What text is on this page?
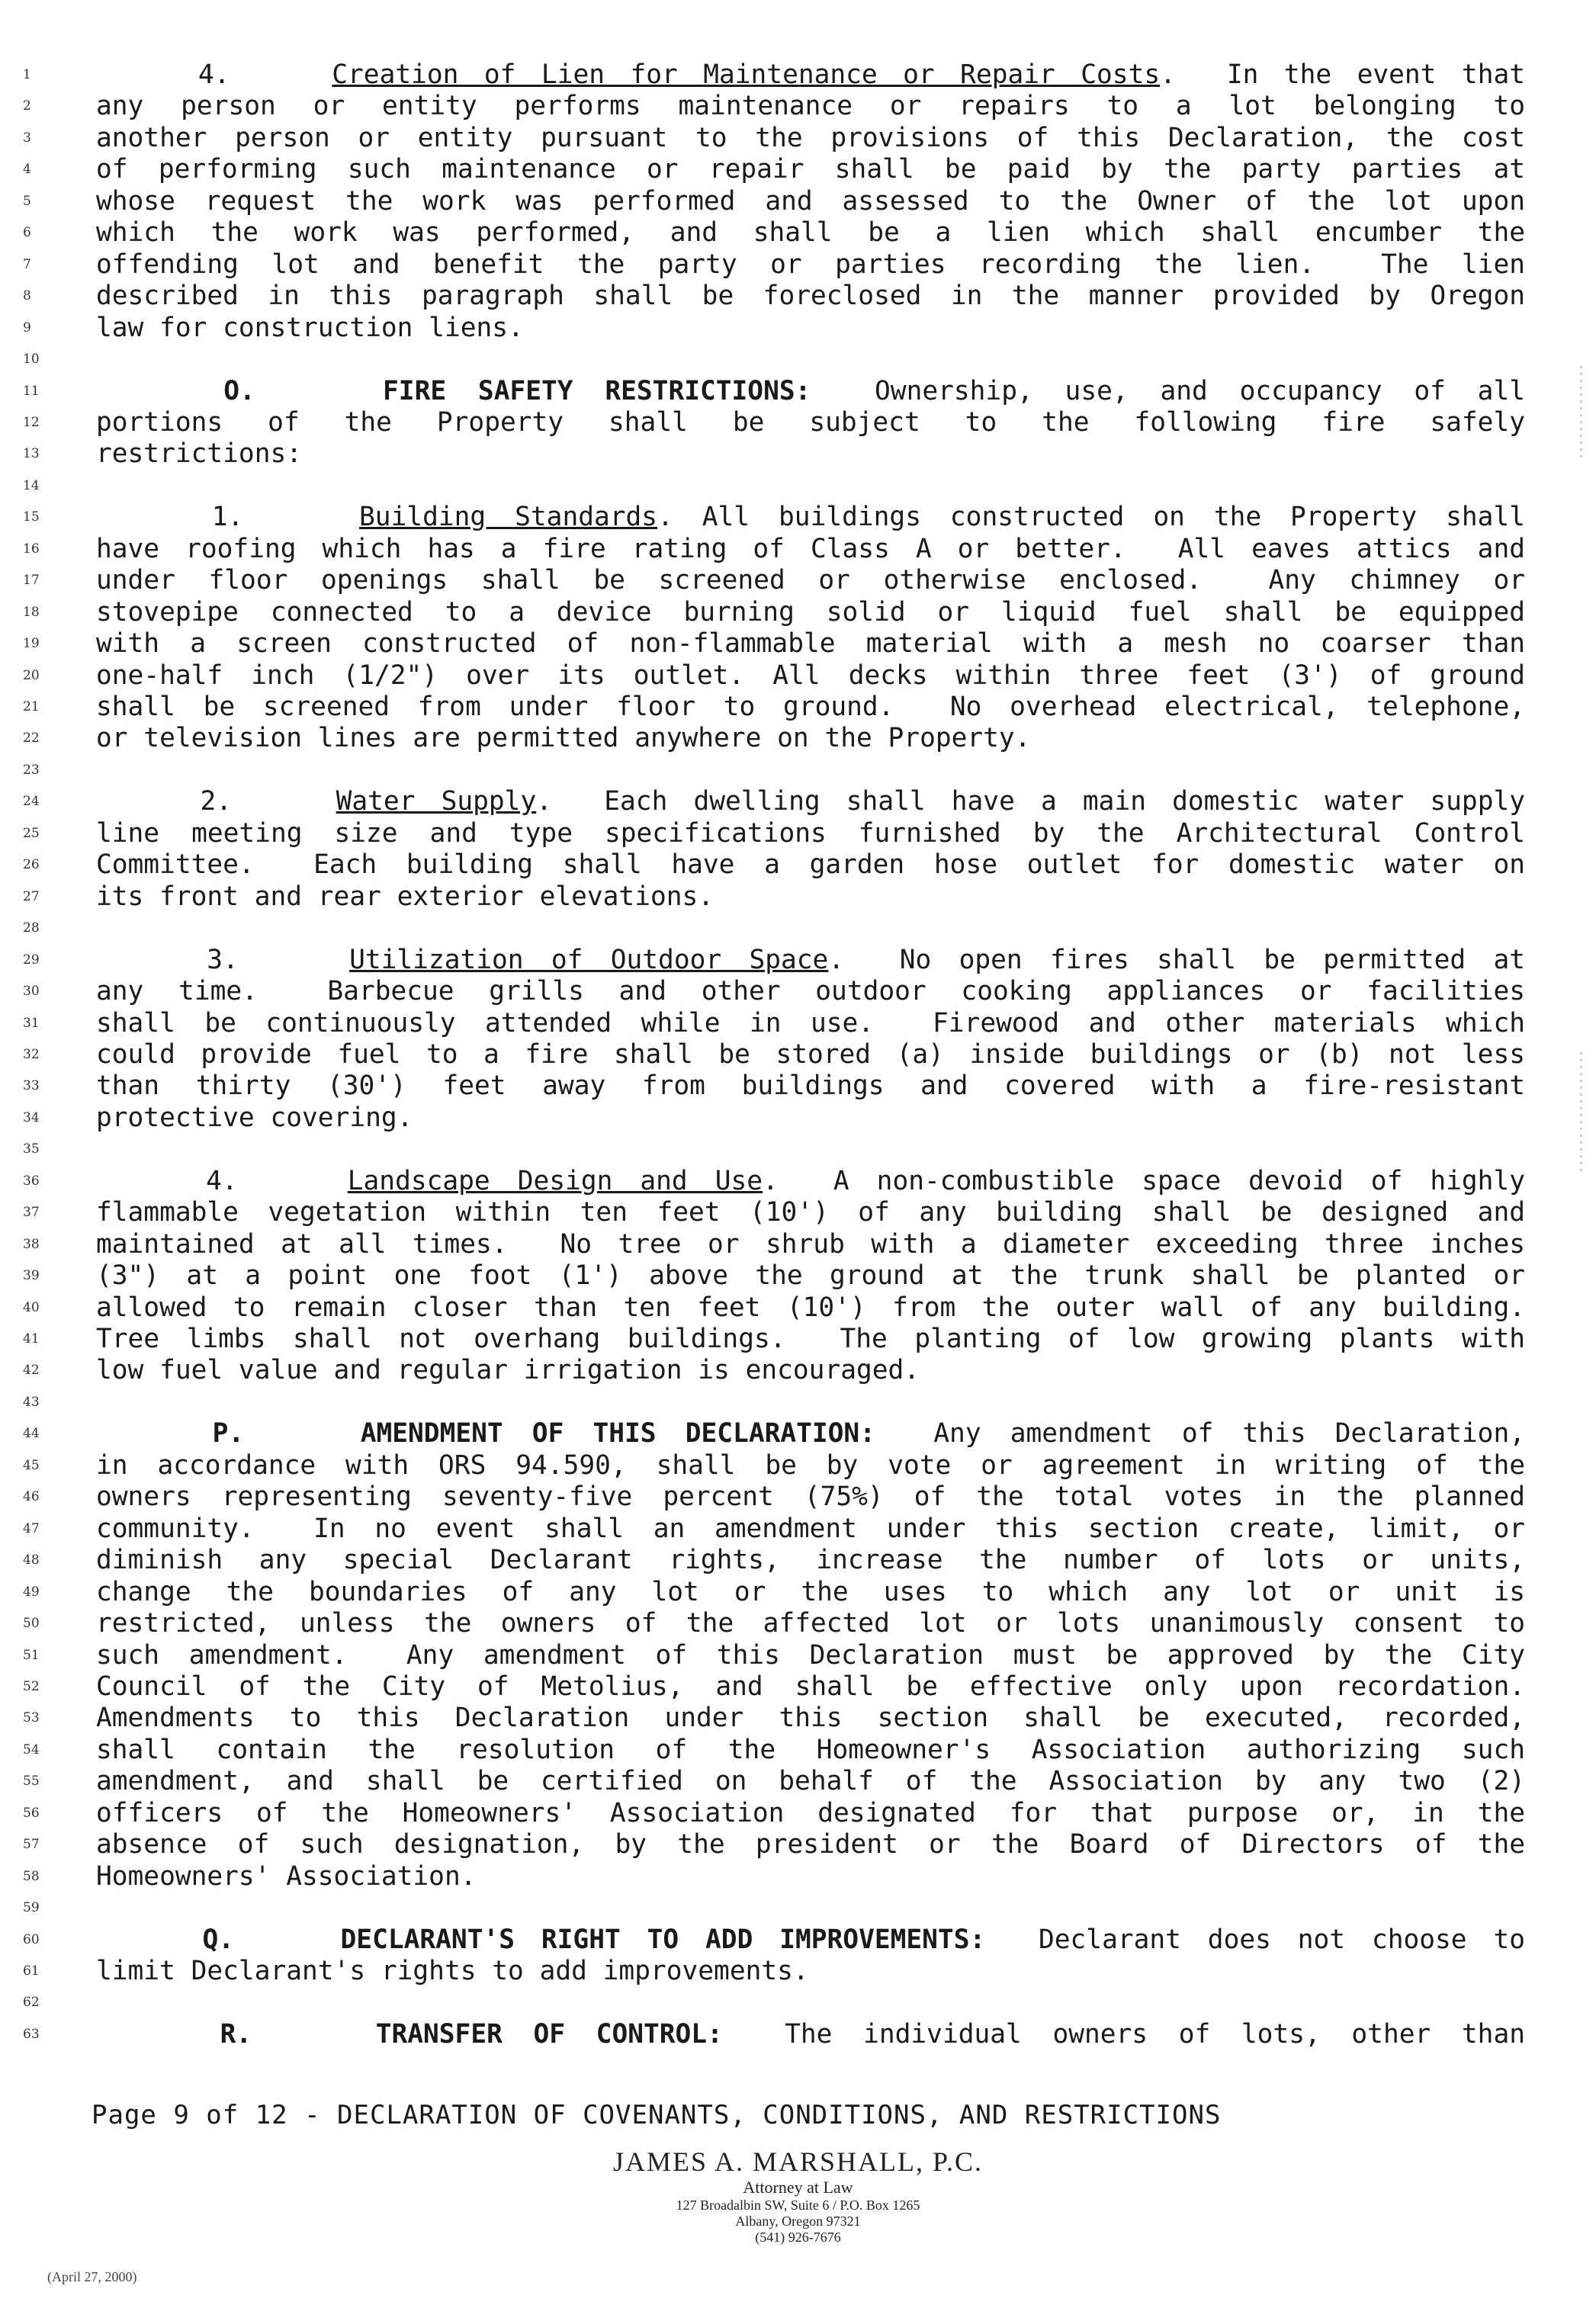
1	4.    Creation of Lien for Maintenance or Repair Costs.  In the event that
2	any person or entity performs maintenance or repairs to a lot belonging to
3	another person or entity pursuant to the provisions of this Declaration, the cost
4	of performing such maintenance or repair shall be paid by the party parties at
5	whose request the work was performed and assessed to the Owner of the lot upon
6	which the work was performed, and shall be a lien which shall encumber the
7	offending lot and benefit the party or parties recording the lien.  The lien
8	described in this paragraph shall be foreclosed in the manner provided by Oregon
9	law for construction liens.
10
11	O.    FIRE SAFETY RESTRICTIONS:  Ownership, use, and occupancy of all
12	portions of the Property shall be subject to the following fire safely
13	restrictions:
14
15	1.    Building Standards. All buildings constructed on the Property shall
16	have roofing which has a fire rating of Class A or better.  All eaves attics and
17	under floor openings shall be screened or otherwise enclosed.  Any chimney or
18	stovepipe connected to a device burning solid or liquid fuel shall be equipped
19	with a screen constructed of non-flammable material with a mesh no coarser than
20	one-half inch (1/2") over its outlet. All decks within three feet (3') of ground
21	shall be screened from under floor to ground.  No overhead electrical, telephone,
22	or television lines are permitted anywhere on the Property.
23
24	2.    Water Supply.  Each dwelling shall have a main domestic water supply
25	line meeting size and type specifications furnished by the Architectural Control
26	Committee.  Each building shall have a garden hose outlet for domestic water on
27	its front and rear exterior elevations.
28
29	3.    Utilization of Outdoor Space.  No open fires shall be permitted at
30	any time.  Barbecue grills and other outdoor cooking appliances or facilities
31	shall be continuously attended while in use.  Firewood and other materials which
32	could provide fuel to a fire shall be stored (a) inside buildings or (b) not less
33	than thirty (30') feet away from buildings and covered with a fire-resistant
34	protective covering.
35
36	4.    Landscape Design and Use.  A non-combustible space devoid of highly
37	flammable vegetation within ten feet (10') of any building shall be designed and
38	maintained at all times.  No tree or shrub with a diameter exceeding three inches
39	(3") at a point one foot (1') above the ground at the trunk shall be planted or
40	allowed to remain closer than ten feet (10') from the outer wall of any building.
41	Tree limbs shall not overhang buildings.  The planting of low growing plants with
42	low fuel value and regular irrigation is encouraged.
43
44	P.    AMENDMENT OF THIS DECLARATION:  Any amendment of this Declaration,
45	in accordance with ORS 94.590, shall be by vote or agreement in writing of the
46	owners representing seventy-five percent (75%) of the total votes in the planned
47	community.  In no event shall an amendment under this section create, limit, or
48	diminish any special Declarant rights, increase the number of lots or units,
49	change the boundaries of any lot or the uses to which any lot or unit is
50	restricted, unless the owners of the affected lot or lots unanimously consent to
51	such amendment.  Any amendment of this Declaration must be approved by the City
52	Council of the City of Metolius, and shall be effective only upon recordation.
53	Amendments to this Declaration under this section shall be executed, recorded,
54	shall contain the resolution of the Homeowner's Association authorizing such
55	amendment, and shall be certified on behalf of the Association by any two (2)
56	officers of the Homeowners' Association designated for that purpose or, in the
57	absence of such designation, by the president or the Board of Directors of the
58	Homeowners' Association.
59
60	Q.    DECLARANT'S RIGHT TO ADD IMPROVEMENTS:  Declarant does not choose to
61	limit Declarant's rights to add improvements.
62
63	R.    TRANSFER OF CONTROL:  The individual owners of lots, other than
Page 9 of 12 - DECLARATION OF COVENANTS, CONDITIONS, AND RESTRICTIONS
JAMES A. MARSHALL, P.C.
Attorney at Law
127 Broadalbin SW, Suite 6 / P.O. Box 1265
Albany, Oregon 97321
(541) 926-7676
(April 27, 2000)
